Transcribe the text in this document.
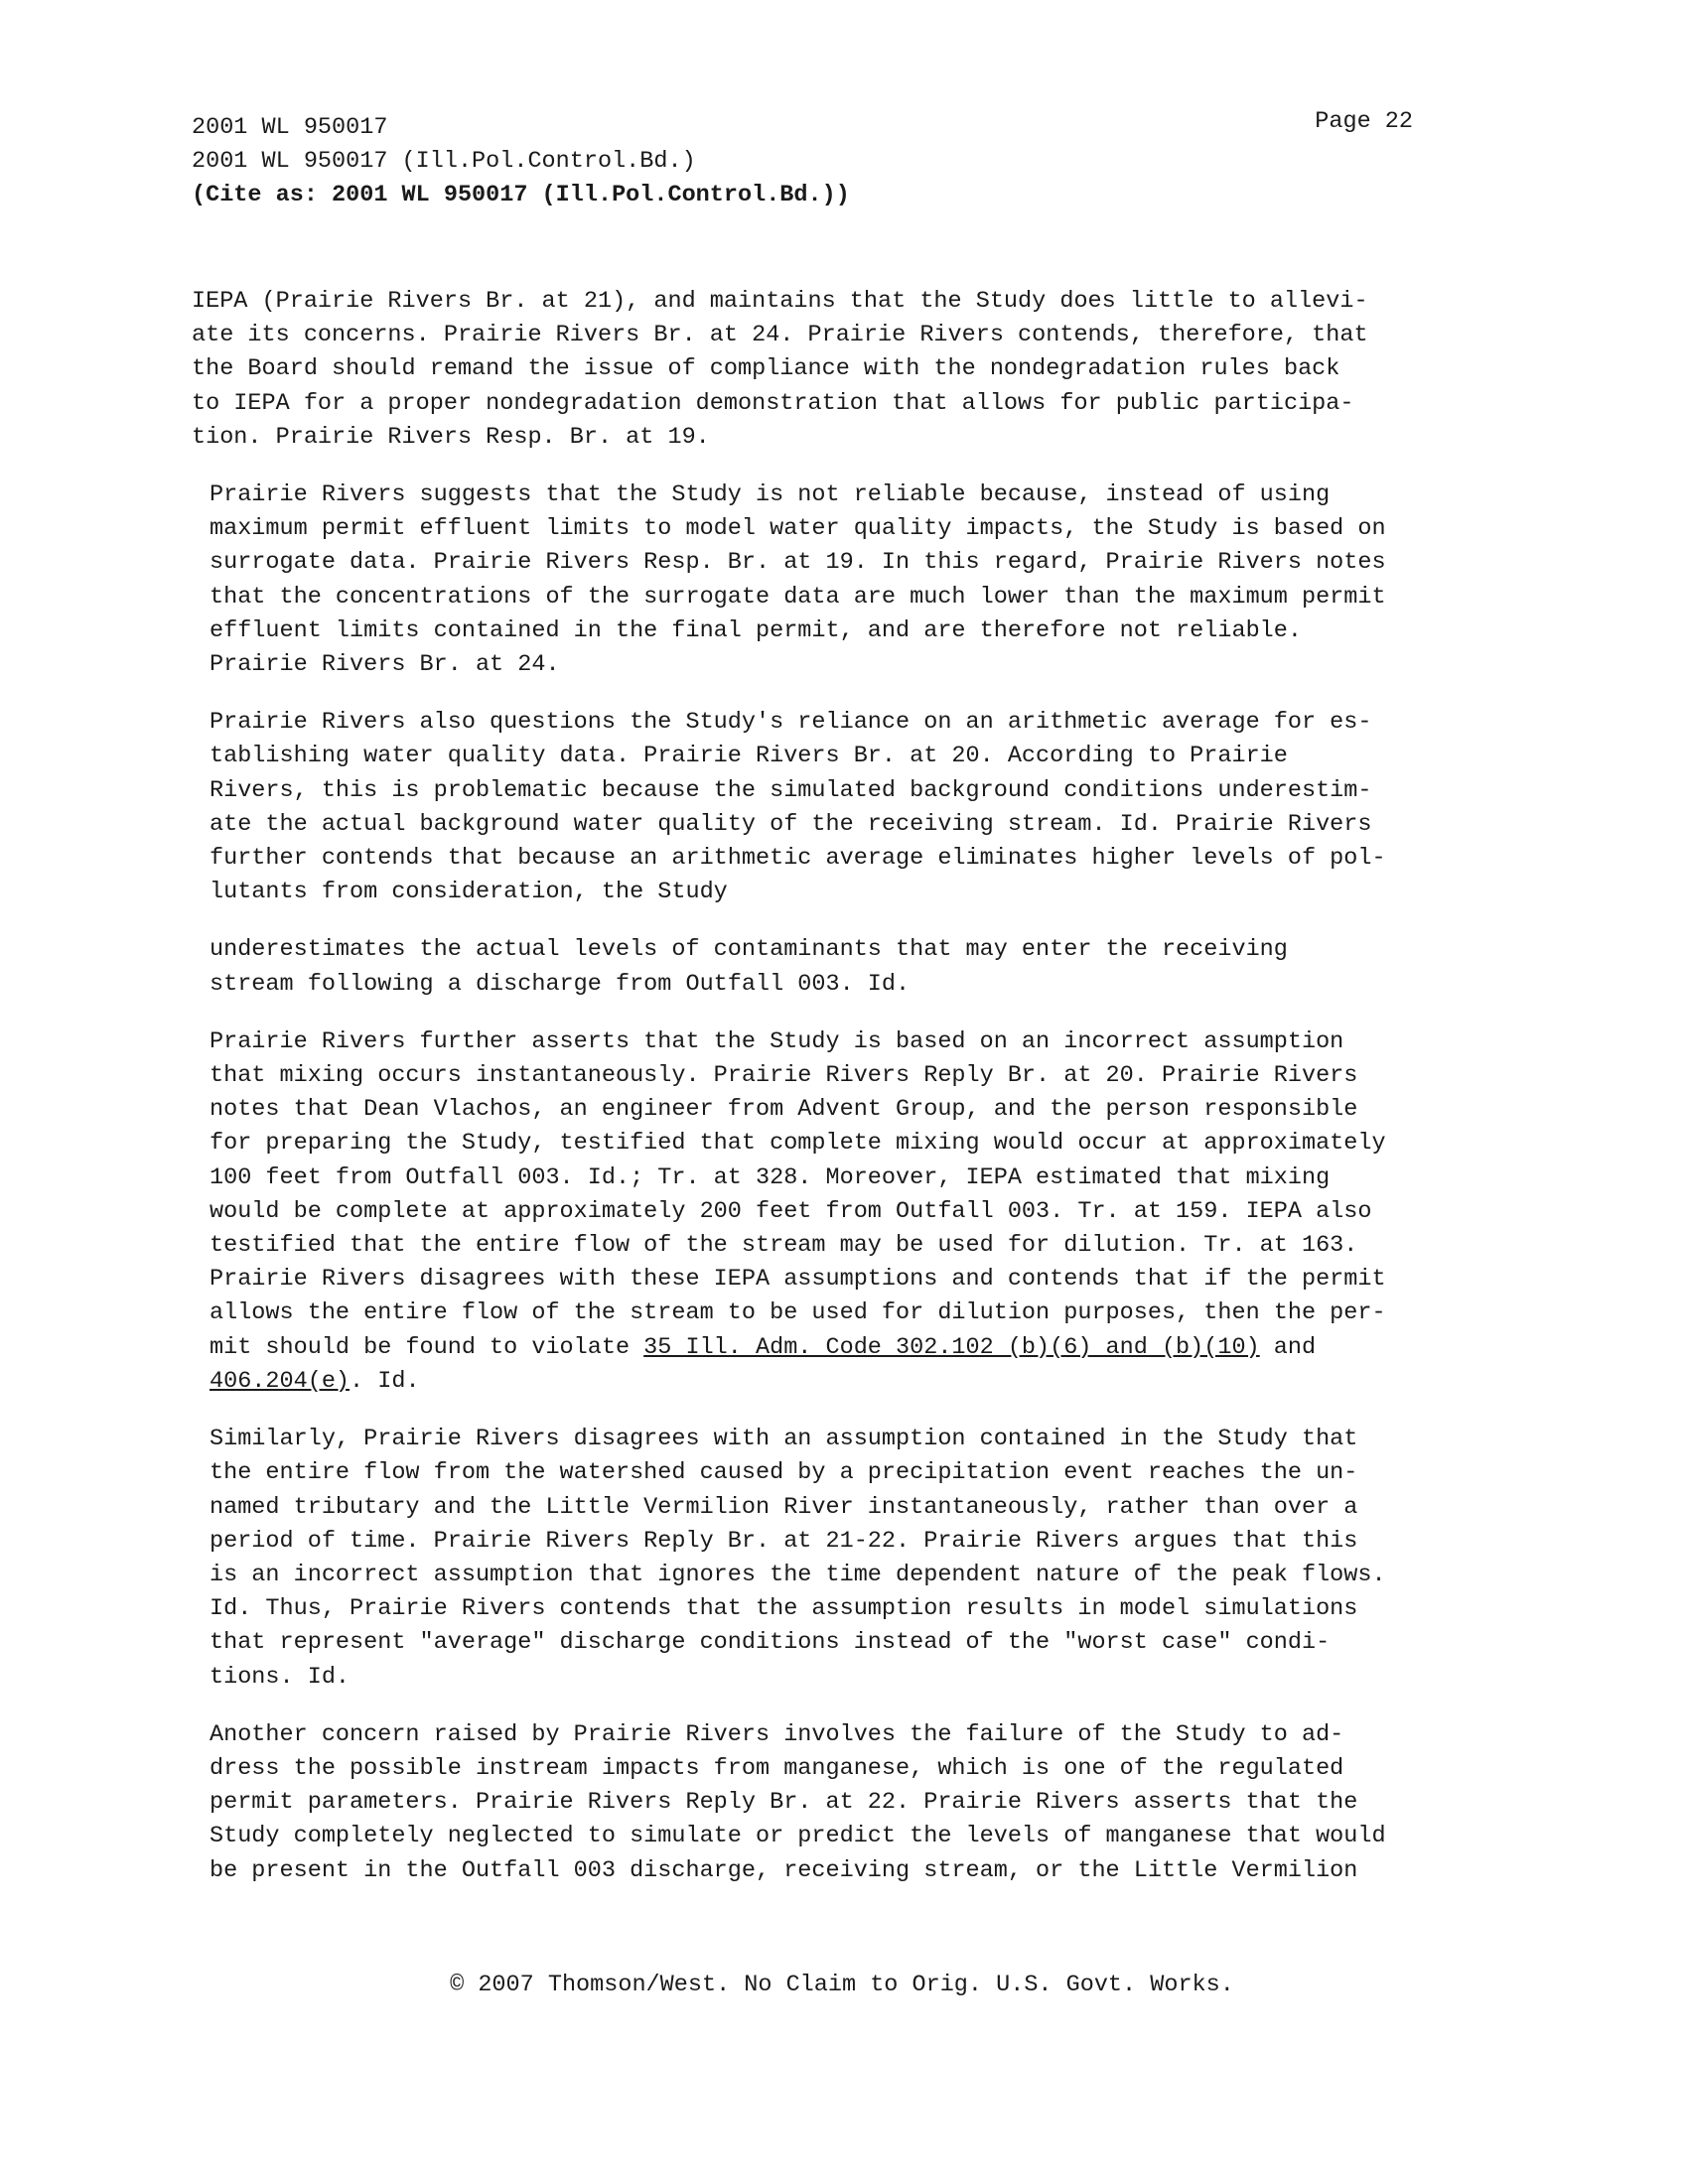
2001 WL 950017
2001 WL 950017 (Ill.Pol.Control.Bd.)
(Cite as: 2001 WL 950017 (Ill.Pol.Control.Bd.))
Page 22
IEPA (Prairie Rivers Br. at 21), and maintains that the Study does little to allevi-
ate its concerns. Prairie Rivers Br. at 24. Prairie Rivers contends, therefore, that
the Board should remand the issue of compliance with the nondegradation rules back
to IEPA for a proper nondegradation demonstration that allows for public participa-
tion. Prairie Rivers Resp. Br. at 19.
Prairie Rivers suggests that the Study is not reliable because, instead of using
maximum permit effluent limits to model water quality impacts, the Study is based on
surrogate data. Prairie Rivers Resp. Br. at 19. In this regard, Prairie Rivers notes
that the concentrations of the surrogate data are much lower than the maximum permit
effluent limits contained in the final permit, and are therefore not reliable.
Prairie Rivers Br. at 24.
Prairie Rivers also questions the Study's reliance on an arithmetic average for es-
tablishing water quality data. Prairie Rivers Br. at 20. According to Prairie
Rivers, this is problematic because the simulated background conditions underestim-
ate the actual background water quality of the receiving stream. Id. Prairie Rivers
further contends that because an arithmetic average eliminates higher levels of pol-
lutants from consideration, the Study
underestimates the actual levels of contaminants that may enter the receiving
stream following a discharge from Outfall 003. Id.
Prairie Rivers further asserts that the Study is based on an incorrect assumption
that mixing occurs instantaneously. Prairie Rivers Reply Br. at 20. Prairie Rivers
notes that Dean Vlachos, an engineer from Advent Group, and the person responsible
for preparing the Study, testified that complete mixing would occur at approximately
100 feet from Outfall 003. Id.; Tr. at 328. Moreover, IEPA estimated that mixing
would be complete at approximately 200 feet from Outfall 003. Tr. at 159. IEPA also
testified that the entire flow of the stream may be used for dilution. Tr. at 163.
Prairie Rivers disagrees with these IEPA assumptions and contends that if the permit
allows the entire flow of the stream to be used for dilution purposes, then the per-
mit should be found to violate 35 Ill. Adm. Code 302.102 (b)(6) and (b)(10) and
406.204(e). Id.
Similarly, Prairie Rivers disagrees with an assumption contained in the Study that
the entire flow from the watershed caused by a precipitation event reaches the un-
named tributary and the Little Vermilion River instantaneously, rather than over a
period of time. Prairie Rivers Reply Br. at 21-22. Prairie Rivers argues that this
is an incorrect assumption that ignores the time dependent nature of the peak flows.
Id. Thus, Prairie Rivers contends that the assumption results in model simulations
that represent "average" discharge conditions instead of the "worst case" condi-
tions. Id.
Another concern raised by Prairie Rivers involves the failure of the Study to ad-
dress the possible instream impacts from manganese, which is one of the regulated
permit parameters. Prairie Rivers Reply Br. at 22. Prairie Rivers asserts that the
Study completely neglected to simulate or predict the levels of manganese that would
be present in the Outfall 003 discharge, receiving stream, or the Little Vermilion
© 2007 Thomson/West. No Claim to Orig. U.S. Govt. Works.
